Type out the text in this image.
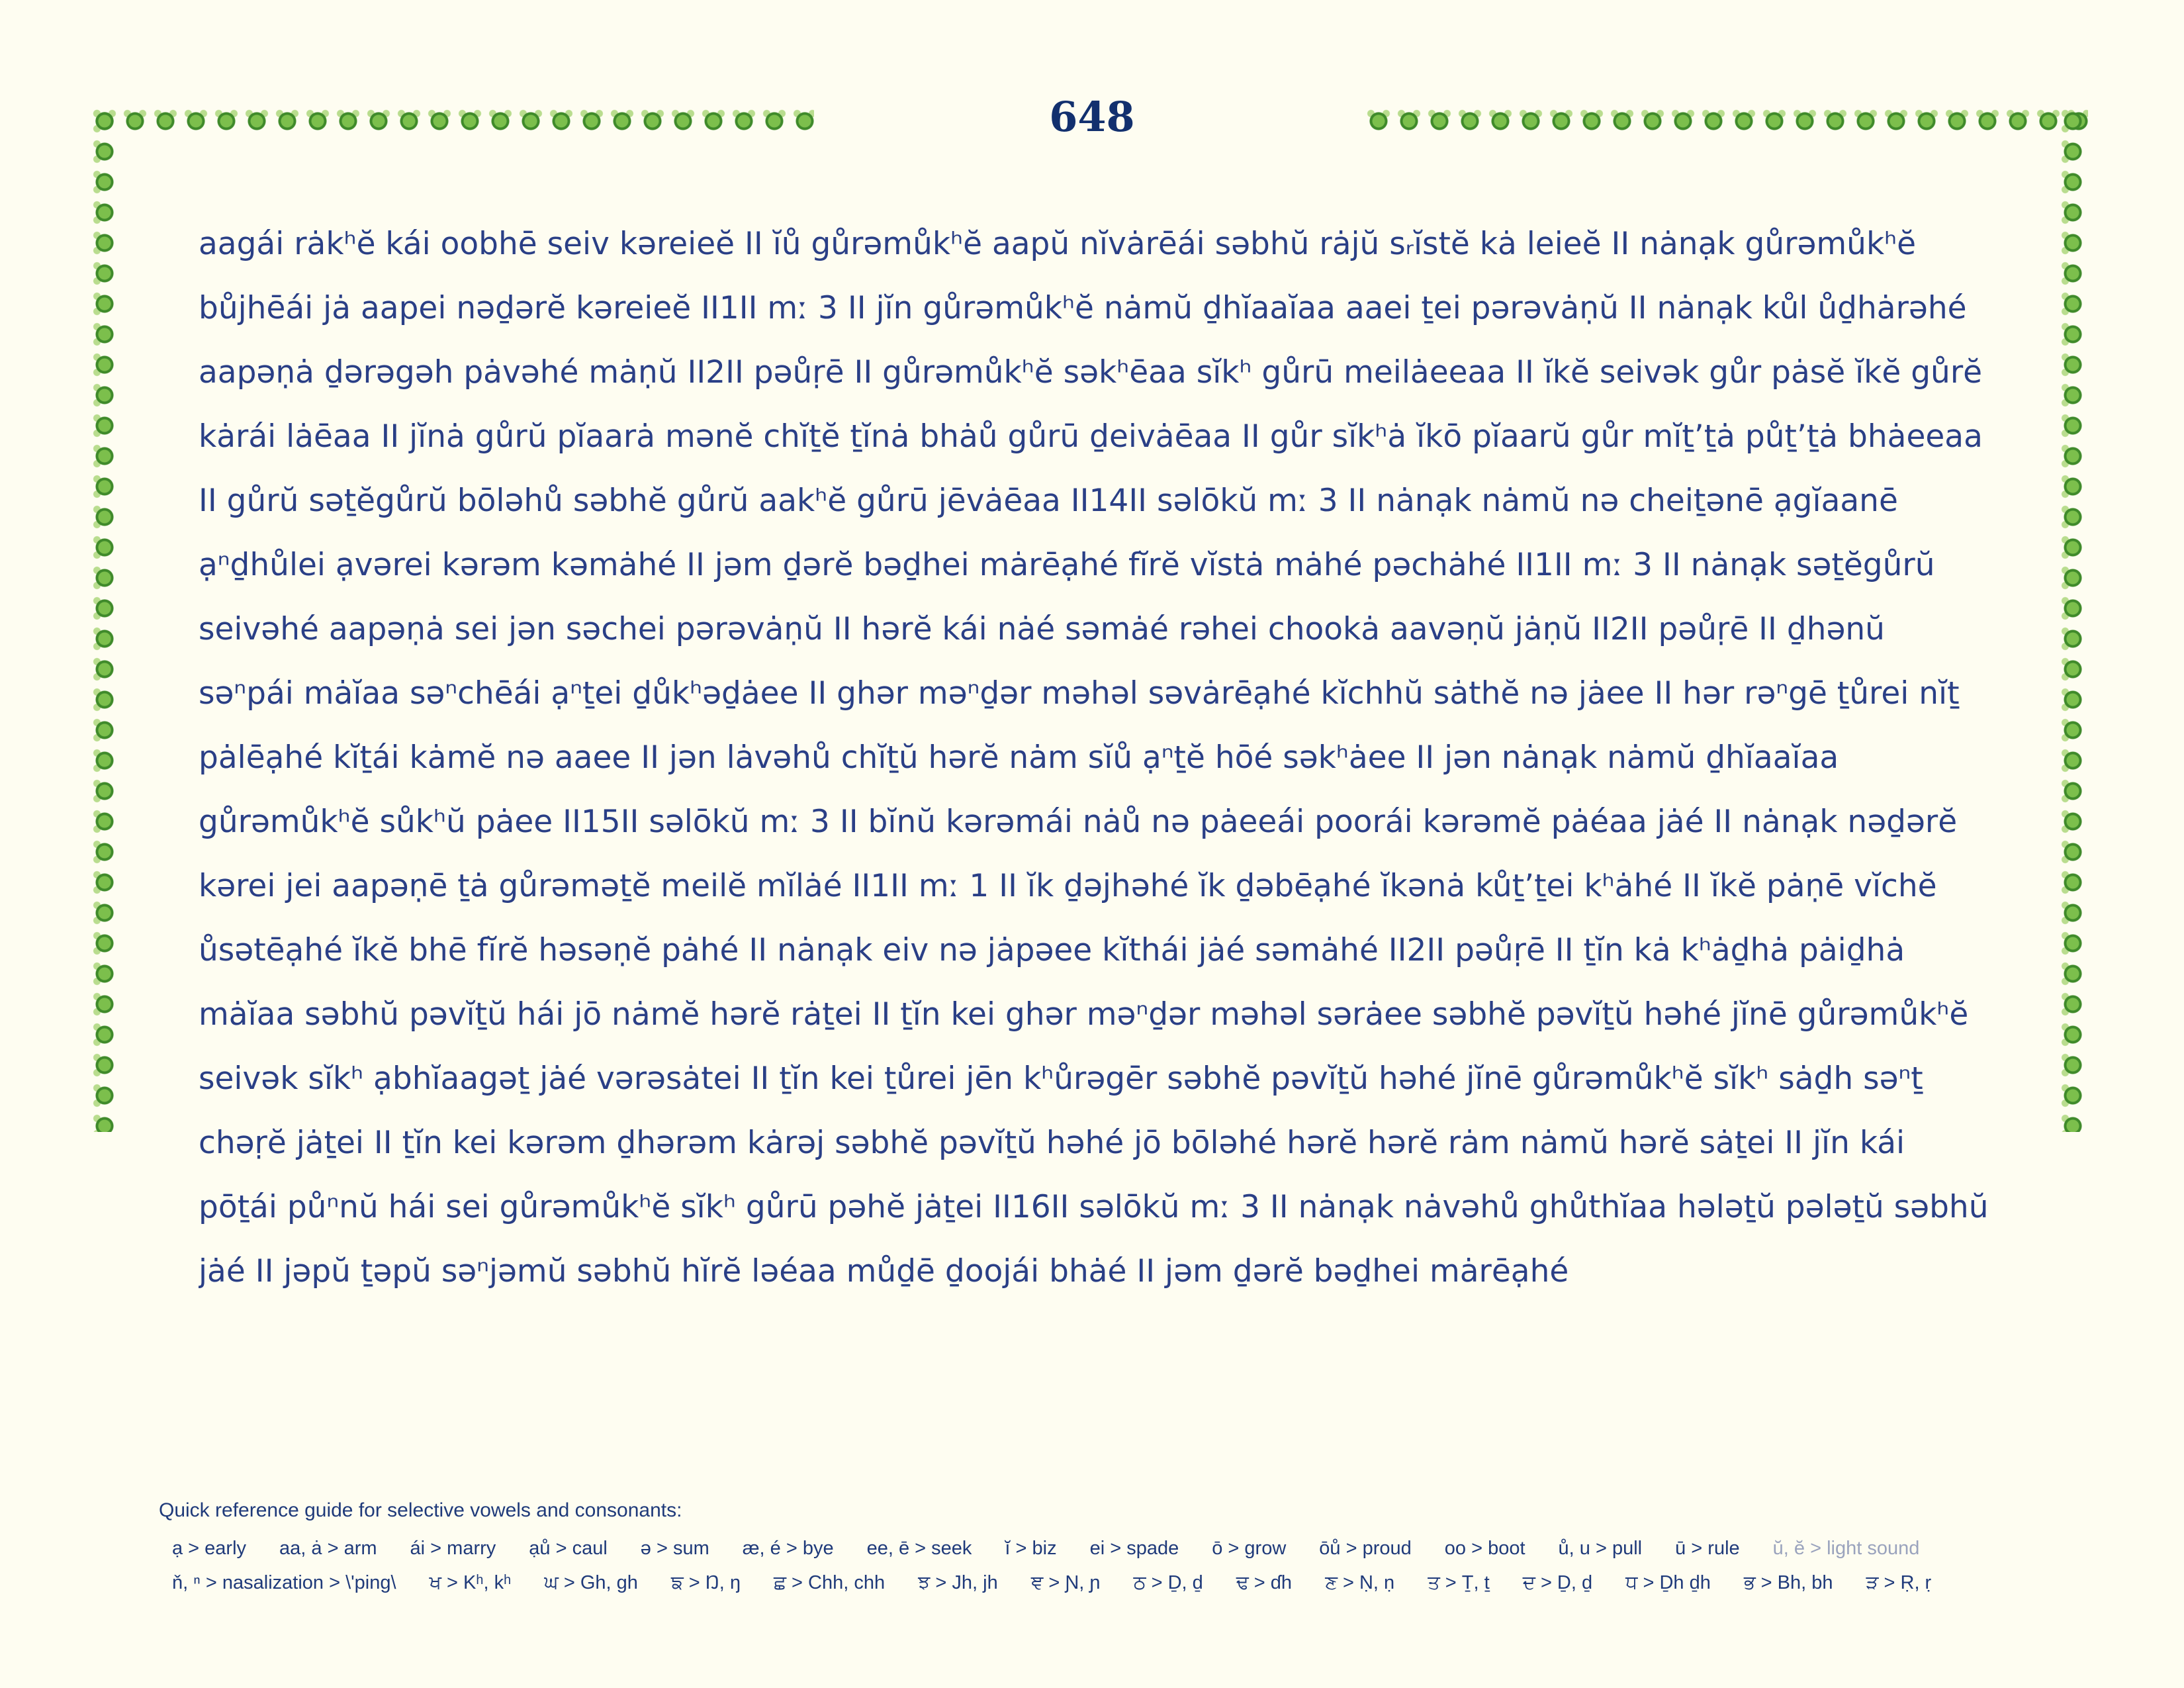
648
aagái rȧkʰĕ kái oobhē seiv kəreieĕ II ĭů gůrəmůkʰĕ aapŭ nĭvȧrēái səbhŭ rȧjŭ sᵣĭstĕ kȧ leieĕ II nȧnạk gůrəmůkʰĕ
bůjhēái jȧ aapei nəḏərĕ kəreieĕ II1II mː 3 II jĭn gůrəmůkʰĕ nȧmŭ ḏhĭaaĭaa aaei ṯei pərəvȧṇŭ II nȧnạk kůl ůḏhȧrəhé
aapəṇȧ ḏərəgəh pȧvəhé mȧṇŭ II2II pəůṛē II gůrəmůkʰĕ səkʰēaa sĭkʰ gůrū meilȧeeaa II ĭkĕ seivək gůr pȧsĕ ĭkĕ gůrĕ
kȧrái lȧēaa II jĭnȧ gůrŭ pĭaarȧ mənĕ chĭṯĕ ṯĭnȧ bhȧů gůrū ḏeivȧēaa II gůr sĭkʰȧ ĭkō pĭaarŭ gůr mĭṯ’ṯȧ půṯ’ṯȧ bhȧeeaa
II gůrŭ səṯĕgůrŭ bōləhů səbhĕ gůrŭ aakʰĕ gůrū jēvȧēaa II14II səlōkŭ mː 3 II nȧnạk nȧmŭ nə cheiṯənē ạgĭaanē
ạⁿḏhůlei ạvərei kərəm kəmȧhé II jəm ḏərĕ bəḏhei mȧrēạhé fĭrĕ vĭstȧ mȧhé pəchȧhé II1II mː 3 II nȧnạk səṯĕgůrŭ
seivəhé aapəṇȧ sei jən səchei pərəvȧṇŭ II hərĕ kái nȧé səmȧé rəhei chookȧ aavəṇŭ jȧṇŭ II2II pəůṛē II ḏhənŭ
səⁿpái mȧĭaa səⁿchēái ạⁿṯei ḏůkʰəḏȧee II ghər məⁿḏər məhəl səvȧrēạhé kĭchhŭ sȧthĕ nə jȧee II hər rəⁿgē ṯůrei nĭṯ
pȧlēạhé kĭṯái kȧmĕ nə aaee II jən lȧvəhů chĭṯŭ hərĕ nȧm sĭů ạⁿṯĕ hōé səkʰȧee II jən nȧnạk nȧmŭ ḏhĭaaĭaa
gůrəmůkʰĕ sůkʰŭ pȧee II15II səlōkŭ mː 3 II bĭnŭ kərəmái nȧů nə pȧeeái poorái kərəmĕ pȧéaa jȧé II nȧnạk nəḏərĕ
kərei jei aapəṇē ṯȧ gůrəməṯĕ meilĕ mĭlȧé II1II mː 1 II ĭk ḏəjhəhé ĭk ḏəbēạhé ĭkənȧ kůṯ’ṯei kʰȧhé II ĭkĕ pȧṇē vĭchĕ
ůsətēạhé ĭkĕ bhē fĭrĕ həsəṇĕ pȧhé II nȧnạk eiv nə jȧpəee kĭthái jȧé səmȧhé II2II pəůṛē II ṯĭn kȧ kʰȧḏhȧ pȧiḏhȧ
mȧĭaa səbhŭ pəvĭṯŭ hái jō nȧmĕ hərĕ rȧṯei II ṯĭn kei ghər məⁿḏər məhəl sərȧee səbhĕ pəvĭṯŭ həhé jĭnē gůrəmůkʰĕ
seivək sĭkʰ ạbhĭaagəṯ jȧé vərəsȧtei II ṯĭn kei ṯůrei jēn kʰůrəgēr səbhĕ pəvĭṯŭ həhé jĭnē gůrəmůkʰĕ sĭkʰ sȧḏh səⁿṯ
chəṛĕ jȧṯei II ṯĭn kei kərəm ḏhərəm kȧrəj səbhĕ pəvĭṯŭ həhé jō bōləhé hərĕ hərĕ rȧm nȧmŭ hərĕ sȧṯei II jĭn kái
pōṯái půⁿnŭ hái sei gůrəmůkʰĕ sĭkʰ gůrū pəhĕ jȧṯei II16II səlōkŭ mː 3 II nȧnạk nȧvəhů ghůthĭaa hələṯŭ pələṯŭ səbhŭ
jȧé II jəpŭ ṯəpŭ səⁿjəmŭ səbhŭ hĭrĕ ləéaa můḏē ḏoojái bhȧé II jəm ḏərĕ bəḏhei mȧrēạhé
Quick reference guide for selective vowels and consonants:
ạ > early aa, ȧ > arm ái > marry ạů > caul ə > sum æ, é > bye ee, ē > seek ĭ > biz ei > spade ō > grow ōů > proud oo > boot ů, u > pull ū > rule ŭ, ĕ > light sound
ň, ⁿ > nasalization > \'ping\ ਖ > Kʰ, kʰ ਘ > Gh, gh ਙ > Ŋ, ŋ ਛ > Chh, chh ਝ > Jh, jh ਞ > Ɲ, ɲ ਠ > Ḏ, ḏ ਢ > ɗh ਣ > Ṇ, ṇ ਤ > Ṯ, ṯ ਦ > Ḏ, ḏ ਧ > Ḏh ḏh ਭ > Bh, bh ੜ > Ṛ, ṛ
